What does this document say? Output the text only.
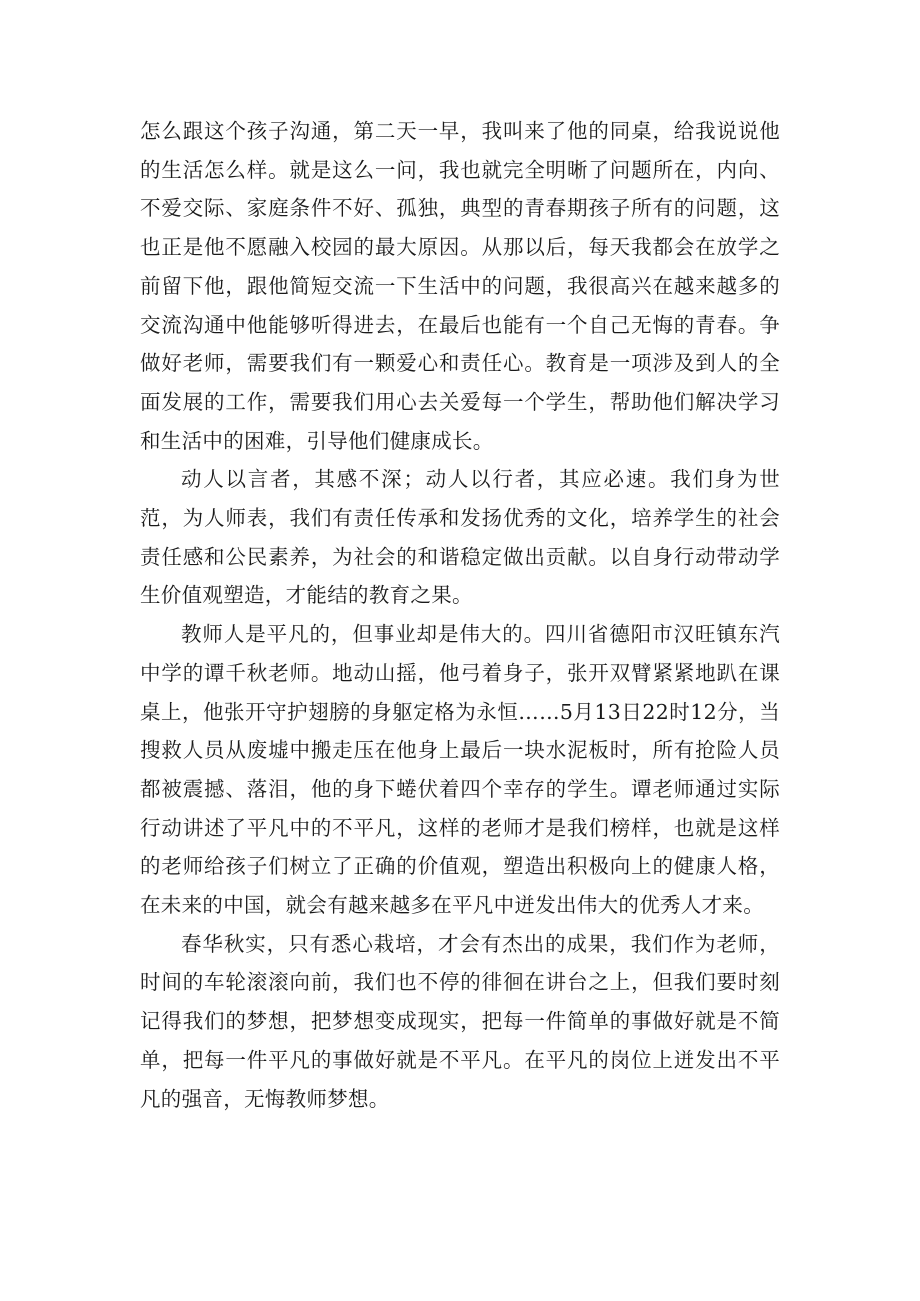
怎么跟这个孩子沟通，第二天一早，我叫来了他的同桌，给我说说他的生活怎么样。就是这么一问，我也就完全明晰了问题所在，内向、不爱交际、家庭条件不好、孤独，典型的青春期孩子所有的问题，这也正是他不愿融入校园的最大原因。从那以后，每天我都会在放学之前留下他，跟他简短交流一下生活中的问题，我很高兴在越来越多的交流沟通中他能够听得进去，在最后也能有一个自己无悔的青春。争做好老师，需要我们有一颗爱心和责任心。教育是一项涉及到人的全面发展的工作，需要我们用心去关爱每一个学生，帮助他们解决学习和生活中的困难，引导他们健康成长。

动人以言者，其感不深；动人以行者，其应必速。我们身为世范，为人师表，我们有责任传承和发扬优秀的文化，培养学生的社会责任感和公民素养，为社会的和谐稳定做出贡献。以自身行动带动学生价值观塑造，才能结的教育之果。

教师人是平凡的，但事业却是伟大的。四川省德阳市汉旺镇东汽中学的谭千秋老师。地动山摇，他弓着身子，张开双臂紧紧地趴在课桌上，他张开守护翅膀的身躯定格为永恒……5月13日22时12分，当搜救人员从废墟中搬走压在他身上最后一块水泥板时，所有抢险人员都被震撼、落泪，他的身下蜷伏着四个幸存的学生。谭老师通过实际行动讲述了平凡中的不平凡，这样的老师才是我们榜样，也就是这样的老师给孩子们树立了正确的价值观，塑造出积极向上的健康人格，在未来的中国，就会有越来越多在平凡中迸发出伟大的优秀人才来。

春华秋实，只有悉心栽培，才会有杰出的成果，我们作为老师，时间的车轮滚滚向前，我们也不停的徘徊在讲台之上，但我们要时刻记得我们的梦想，把梦想变成现实，把每一件简单的事做好就是不简单，把每一件平凡的事做好就是不平凡。在平凡的岗位上迸发出不平凡的强音，无悔教师梦想。
